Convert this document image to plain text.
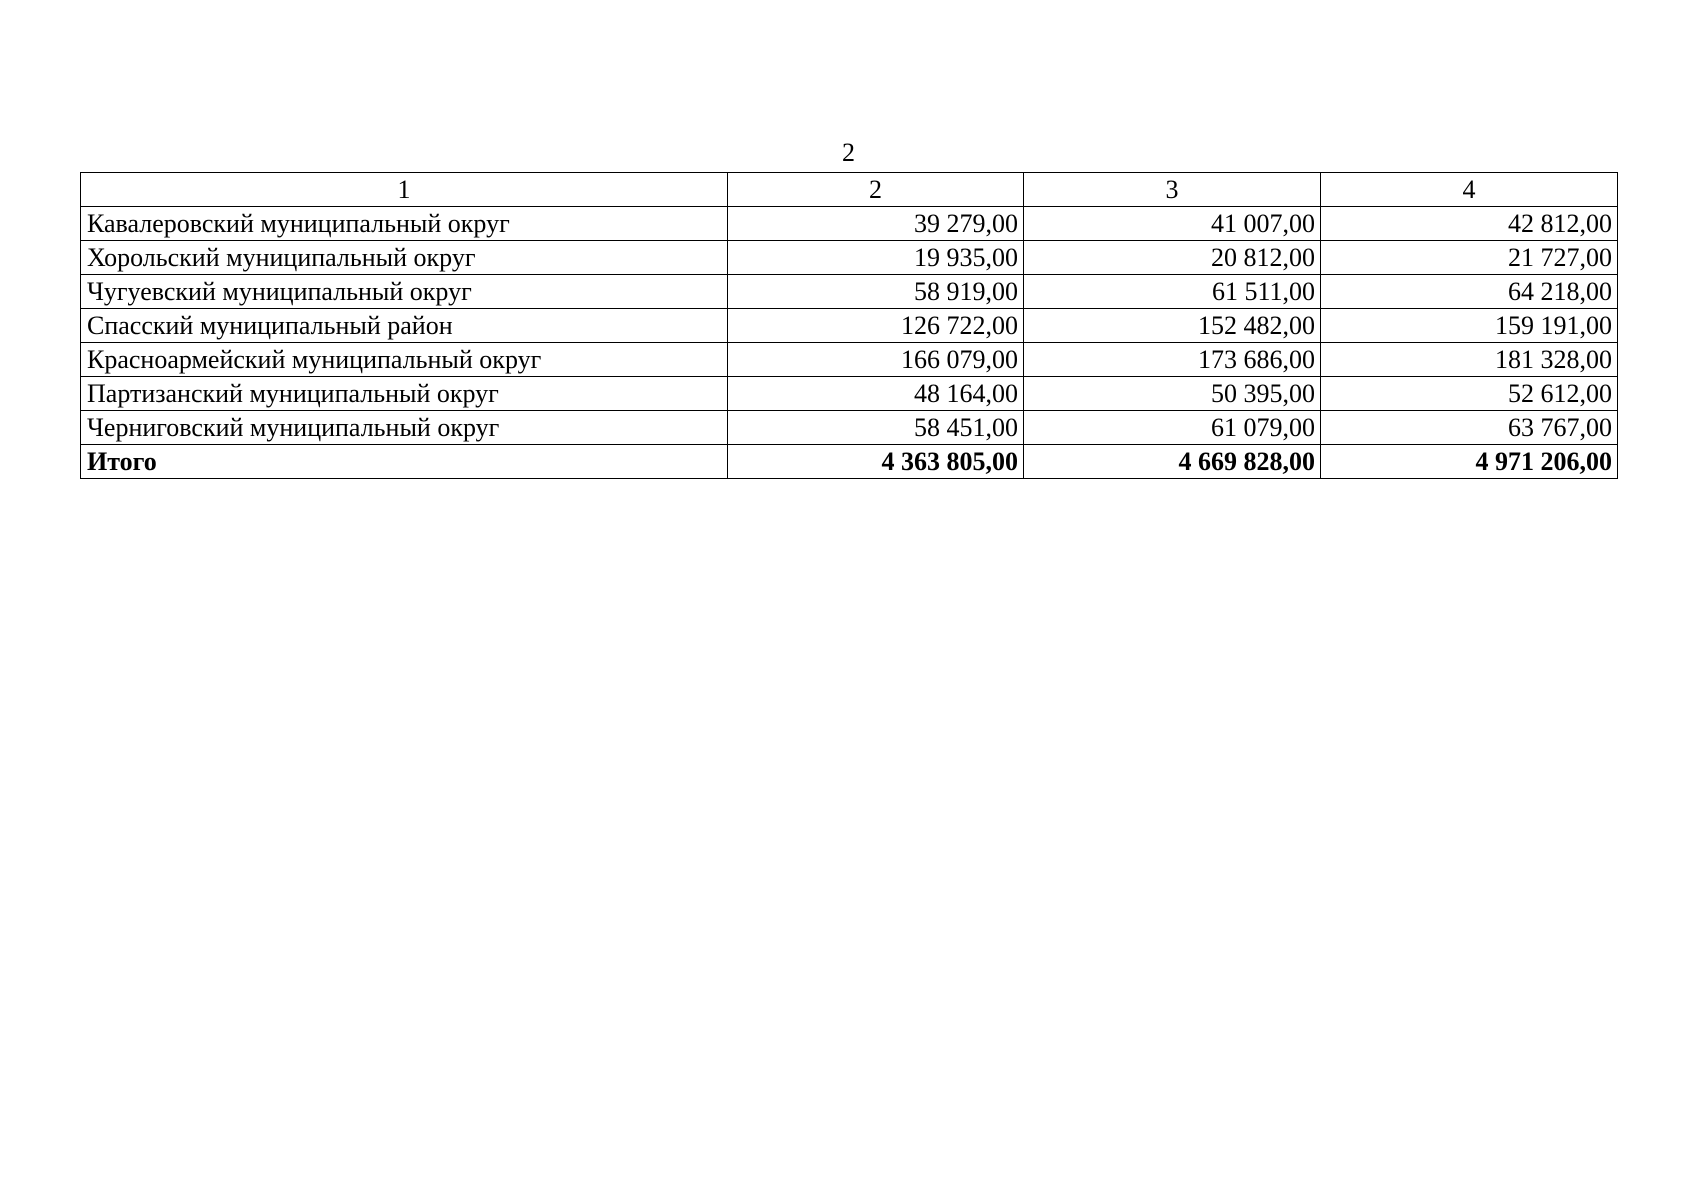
2
1	2	3	4
Кавалеровский муниципальный округ	39 279,00	41 007,00	42 812,00
Хорольский муниципальный округ	19 935,00	20 812,00	21 727,00
Чугуевский муниципальный округ	58 919,00	61 511,00	64 218,00
Спасский муниципальный район	126 722,00	152 482,00	159 191,00
Красноармейский муниципальный округ	166 079,00	173 686,00	181 328,00
Партизанский муниципальный округ	48 164,00	50 395,00	52 612,00
Черниговский муниципальный округ	58 451,00	61 079,00	63 767,00
Итого	4 363 805,00	4 669 828,00	4 971 206,00
